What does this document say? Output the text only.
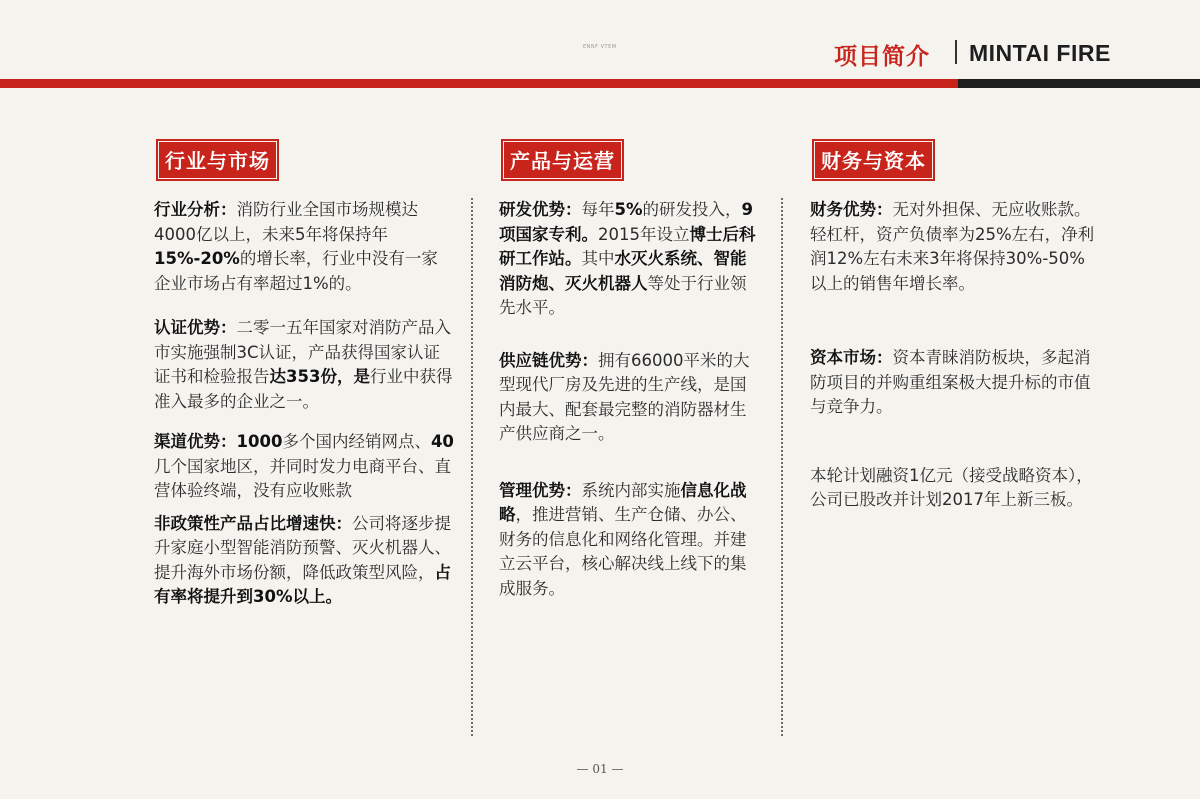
ENNF VTEM	项目简介 MINTAI FIRE
行业与市场
行业分析：消防行业全国市场规模达4000亿以上，未来5年将保持年15%-20%的增长率，行业中没有一家企业市场占有率超过1%的。
认证优势：二零一五年国家对消防产品入市实施强制3C认证，产品获得国家认证证书和检验报告达353份，是行业中获得准入最多的企业之一。
渠道优势：1000多个国内经销网点、40几个国家地区，并同时发力电商平台、直营体验终端，没有应收账款
非政策性产品占比增速快：公司将逐步提升家庭小型智能消防预警、灭火机器人、提升海外市场份额，降低政策型风险，占有率将提升到30%以上。
产品与运营
研发优势：每年5%的研发投入，9项国家专利。2015年设立博士后科研工作站。其中水灭火系统、智能消防炮、灭火机器人等处于行业领先水平。
供应链优势：拥有66000平米的大型现代厂房及先进的生产线，是国内最大、配套最完整的消防器材生产供应商之一。
管理优势：系统内部实施信息化战略，推进营销、生产仓储、办公、财务的信息化和网络化管理。并建立云平台，核心解决线上线下的集成服务。
财务与资本
财务优势：无对外担保、无应收账款。轻杠杆，资产负债率为25%左右，净利润12%左右未来3年将保持30%-50%以上的销售年增长率。
资本市场：资本青睐消防板块，多起消防项目的并购重组案极大提升标的市值与竞争力。
本轮计划融资1亿元（接受战略资本），公司已股改并计划2017年上新三板。
— 01 —
